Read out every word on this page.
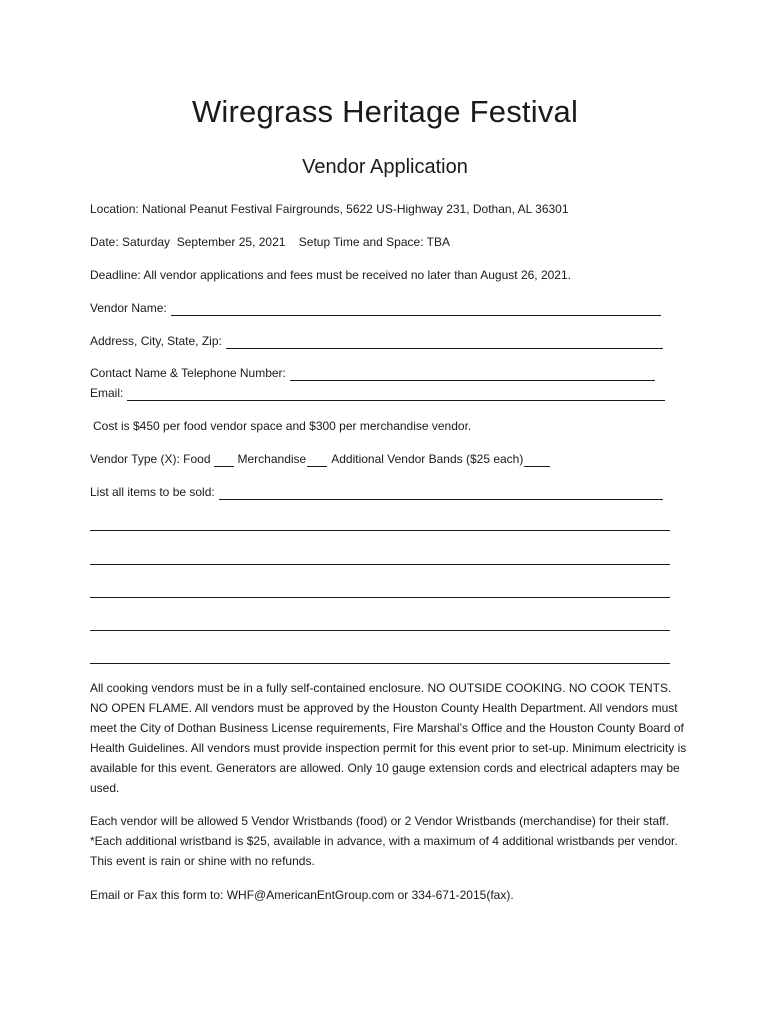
Wiregrass Heritage Festival
Vendor Application

Location: National Peanut Festival Fairgrounds, 5622 US-Highway 231, Dothan, AL 36301

Date: Saturday  September 25, 2021    Setup Time and Space: TBA

Deadline: All vendor applications and fees must be received no later than August 26, 2021.

Vendor Name:
Address, City, State, Zip:
Contact Name & Telephone Number:
Email:

Cost is $450 per food vendor space and $300 per merchandise vendor.

Vendor Type (X): Food Merchandise Additional Vendor Bands ($25 each)
List all items to be sold:

All cooking vendors must be in a fully self-contained enclosure. NO OUTSIDE COOKING. NO COOK TENTS. NO OPEN FLAME. All vendors must be approved by the Houston County Health Department. All vendors must meet the City of Dothan Business License requirements, Fire Marshal’s Office and the Houston County Board of Health Guidelines. All vendors must provide inspection permit for this event prior to set-up. Minimum electricity is available for this event. Generators are allowed. Only 10 gauge extension cords and electrical adapters may be used.

Each vendor will be allowed 5 Vendor Wristbands (food) or 2 Vendor Wristbands (merchandise) for their staff. *Each additional wristband is $25, available in advance, with a maximum of 4 additional wristbands per vendor. This event is rain or shine with no refunds.

Email or Fax this form to: WHF@AmericanEntGroup.com or 334-671-2015(fax).
